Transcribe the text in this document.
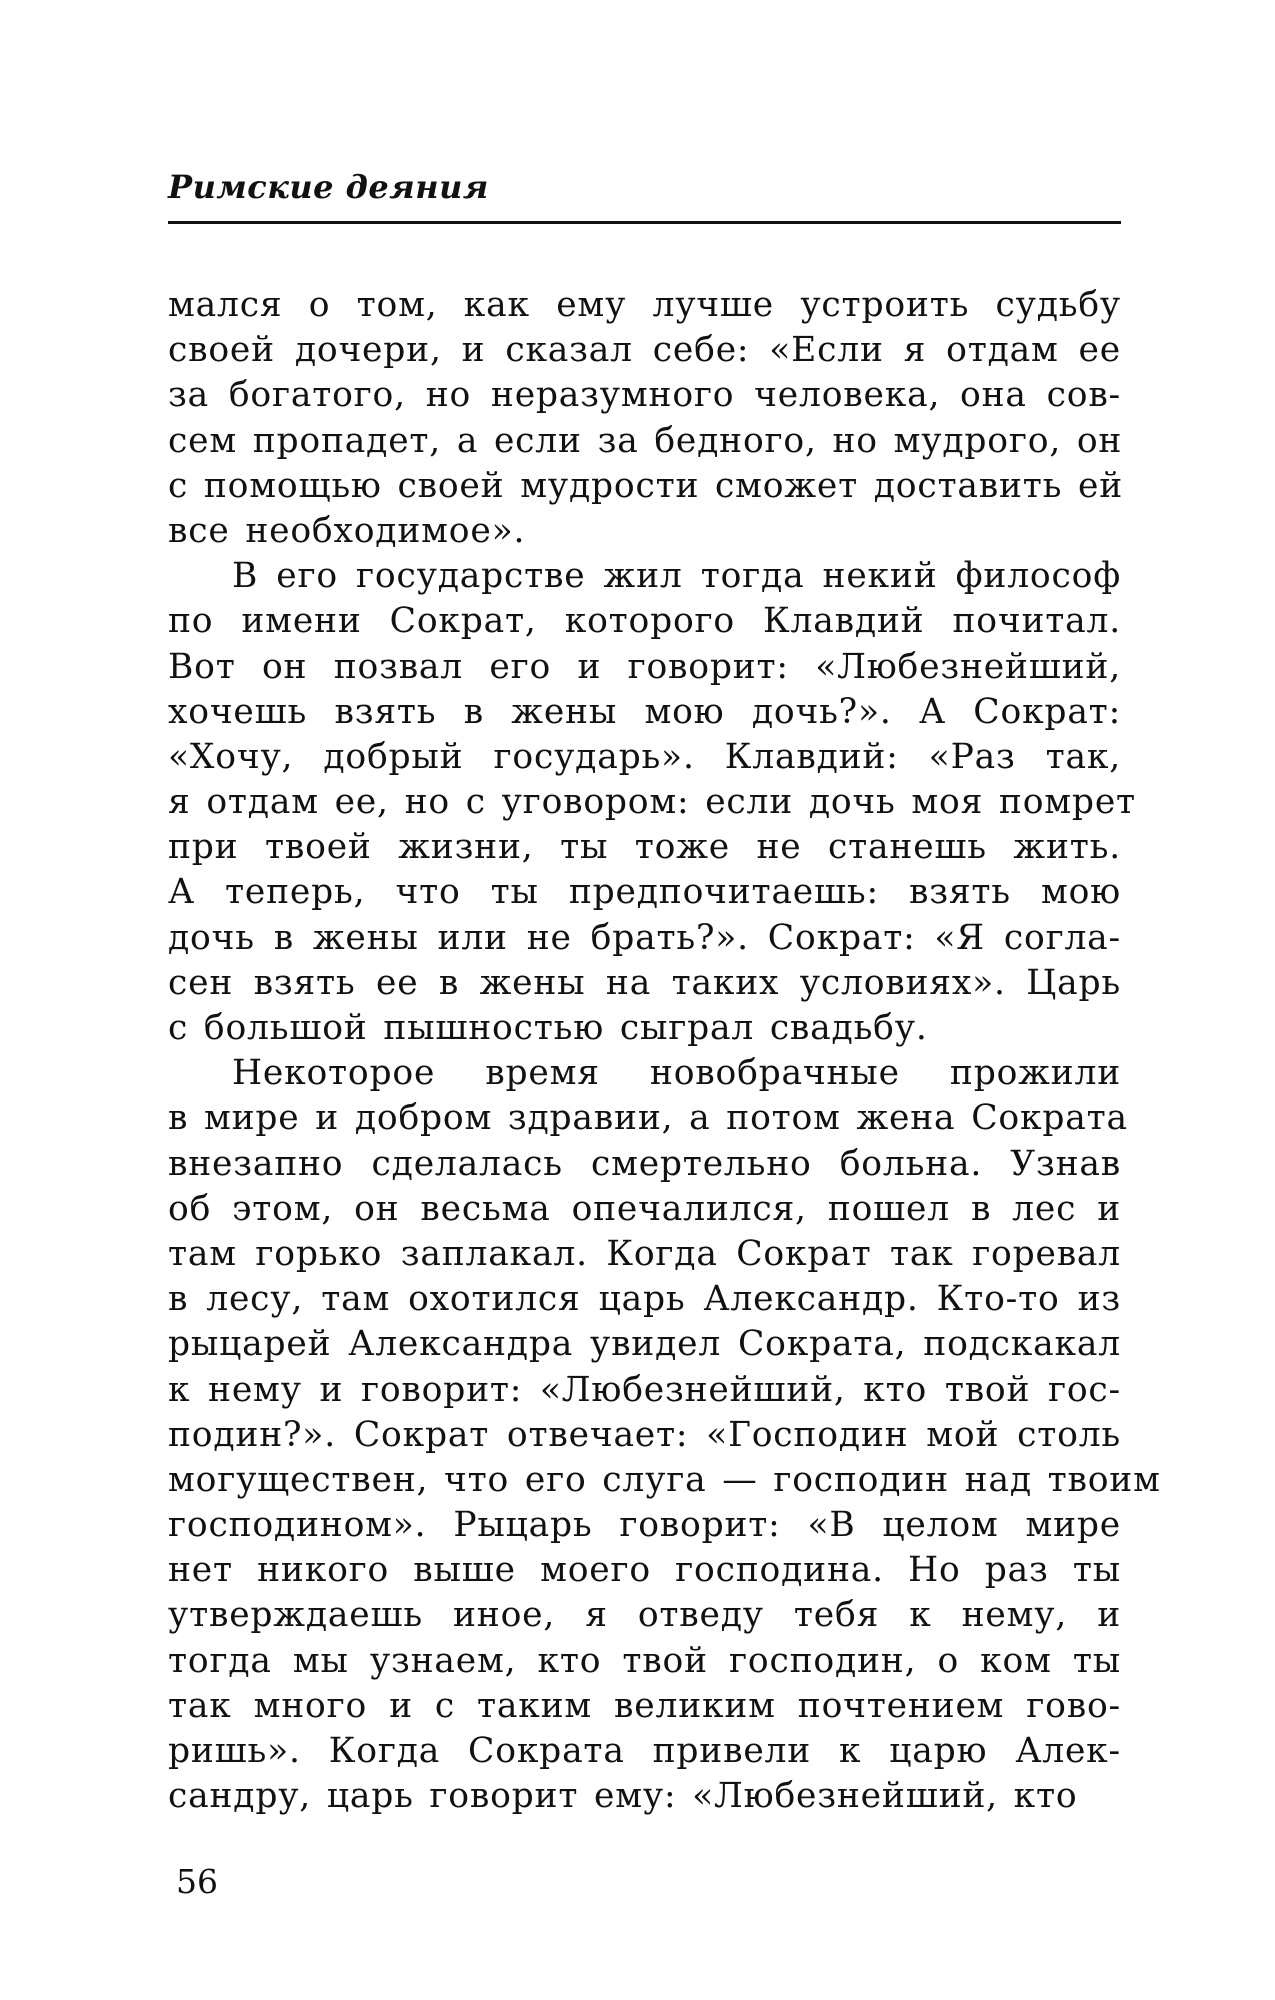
Римские деяния

мался о том, как ему лучше устроить судьбу
своей дочери, и сказал себе: «Если я отдам ее
за богатого, но неразумного человека, она сов-
сем пропадет, а если за бедного, но мудрого, он
с помощью своей мудрости сможет доставить ей
все необходимое».

В его государстве жил тогда некий философ
по имени Сократ, которого Клавдий почитал.
Вот он позвал его и говорит: «Любезнейший,
хочешь взять в жены мою дочь?». А Сократ:
«Хочу, добрый государь». Клавдий: «Раз так,
я отдам ее, но с уговором: если дочь моя помрет
при твоей жизни, ты тоже не станешь жить.
А теперь, что ты предпочитаешь: взять мою
дочь в жены или не брать?». Сократ: «Я согла-
сен взять ее в жены на таких условиях». Царь
с большой пышностью сыграл свадьбу.

Некоторое время новобрачные прожили
в мире и добром здравии, а потом жена Сократа
внезапно сделалась смертельно больна. Узнав
об этом, он весьма опечалился, пошел в лес и
там горько заплакал. Когда Сократ так горевал
в лесу, там охотился царь Александр. Кто-то из
рыцарей Александра увидел Сократа, подскакал
к нему и говорит: «Любезнейший, кто твой гос-
подин?». Сократ отвечает: «Господин мой столь
могуществен, что его слуга — господин над твоим
господином». Рыцарь говорит: «В целом мире
нет никого выше моего господина. Но раз ты
утверждаешь иное, я отведу тебя к нему, и
тогда мы узнаем, кто твой господин, о ком ты
так много и с таким великим почтением гово-
ришь». Когда Сократа привели к царю Алек-
сандру, царь говорит ему: «Любезнейший, кто

56
